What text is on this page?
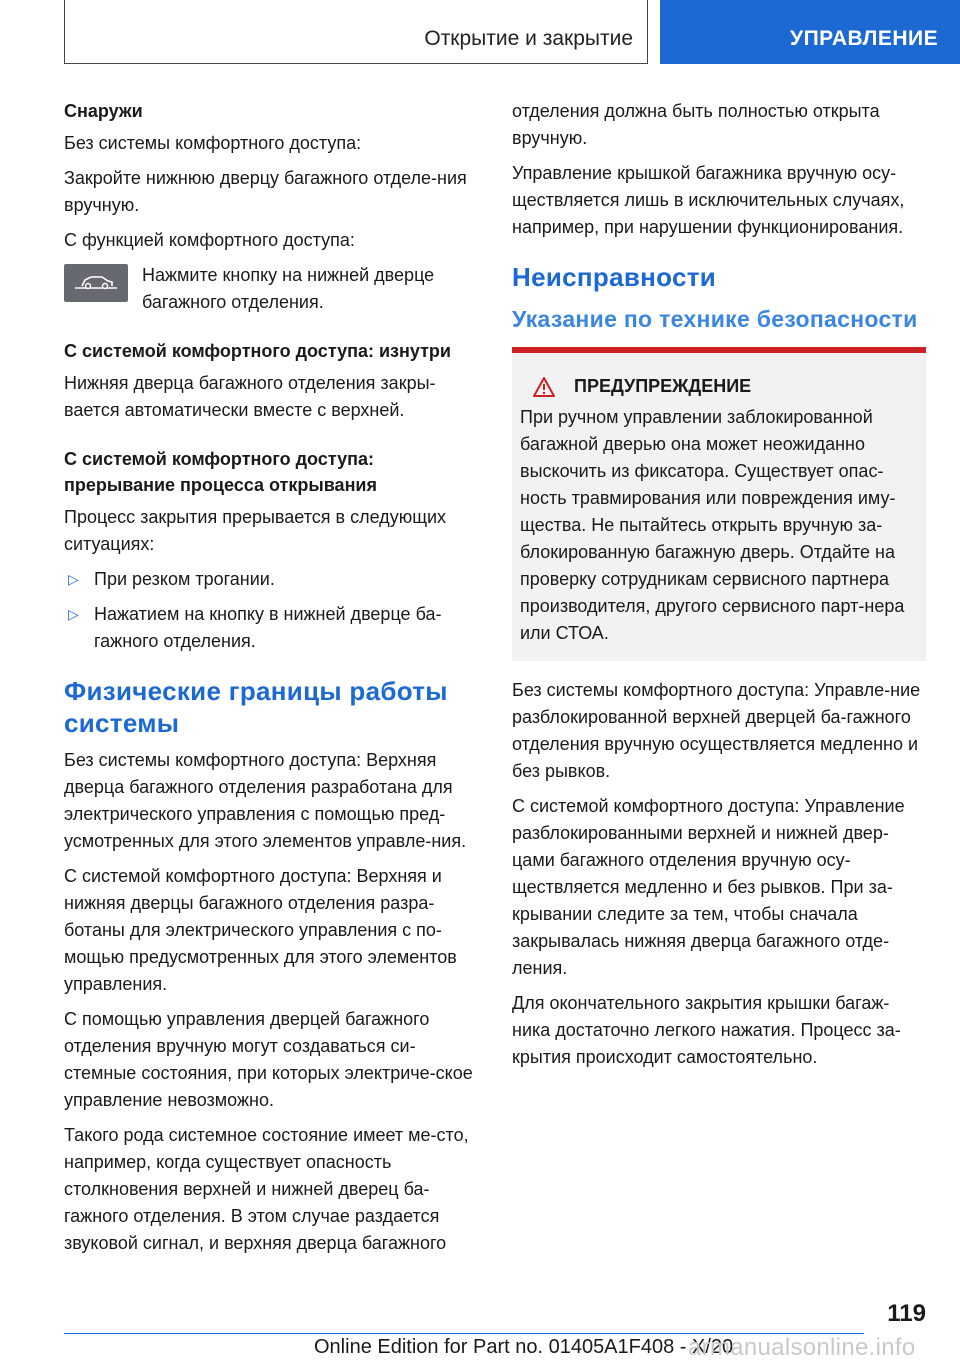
Открытие и закрытие	УПРАВЛЕНИЕ
Снаружи

Без системы комфортного доступа:

Закройте нижнюю дверцу багажного отделе-ния вручную.

С функцией комфортного доступа:

Нажмите кнопку на нижней дверце багажного отделения.
С системой комфортного доступа: изнутри

Нижняя дверца багажного отделения закры-вается автоматически вместе с верхней.

С системой комфортного доступа: прерывание процесса открывания

Процесс закрытия прерывается в следующих ситуациях:

▷ При резком трогании.
▷ Нажатием на кнопку в нижней дверце ба-гажного отделения.
Физические границы работы системы

Без системы комфортного доступа: Верхняя дверца багажного отделения разработана для электрического управления с помощью пред-усмотренных для этого элементов управле-ния.

С системой комфортного доступа: Верхняя и нижняя дверцы багажного отделения разра-ботаны для электрического управления с по-мощью предусмотренных для этого элементов управления.

С помощью управления дверцей багажного отделения вручную могут создаваться си-стемные состояния, при которых электриче-ское управление невозможно.

Такого рода системное состояние имеет ме-сто, например, когда существует опасность столкновения верхней и нижней дверец ба-гажного отделения. В этом случае раздается звуковой сигнал, и верхняя дверца багажного

отделения должна быть полностью открыта вручную.

Управление крышкой багажника вручную осу-ществляется лишь в исключительных случаях, например, при нарушении функционирования.

Неисправности
Указание по технике безопасности
ПРЕДУПРЕЖДЕНИЕ
При ручном управлении заблокированной багажной дверью она может неожиданно выскочить из фиксатора. Существует опас-ность травмирования или повреждения иму-щества. Не пытайтесь открыть вручную за-блокированную багажную дверь. Отдайте на проверку сотрудникам сервисного партнера производителя, другого сервисного парт-нера или СТОА.

Без системы комфортного доступа: Управле-ние разблокированной верхней дверцей ба-гажного отделения вручную осуществляется медленно и без рывков.

С системой комфортного доступа: Управление разблокированными верхней и нижней двер-цами багажного отделения вручную осу-ществляется медленно и без рывков. При за-крывании следите за тем, чтобы сначала закрывалась нижняя дверца багажного отде-ления.

Для окончательного закрытия крышки багаж-ника достаточно легкого нажатия. Процесс за-крытия происходит самостоятельно.

119
Online Edition for Part no. 01405A1F408 - X/20
armanualsonline.info
